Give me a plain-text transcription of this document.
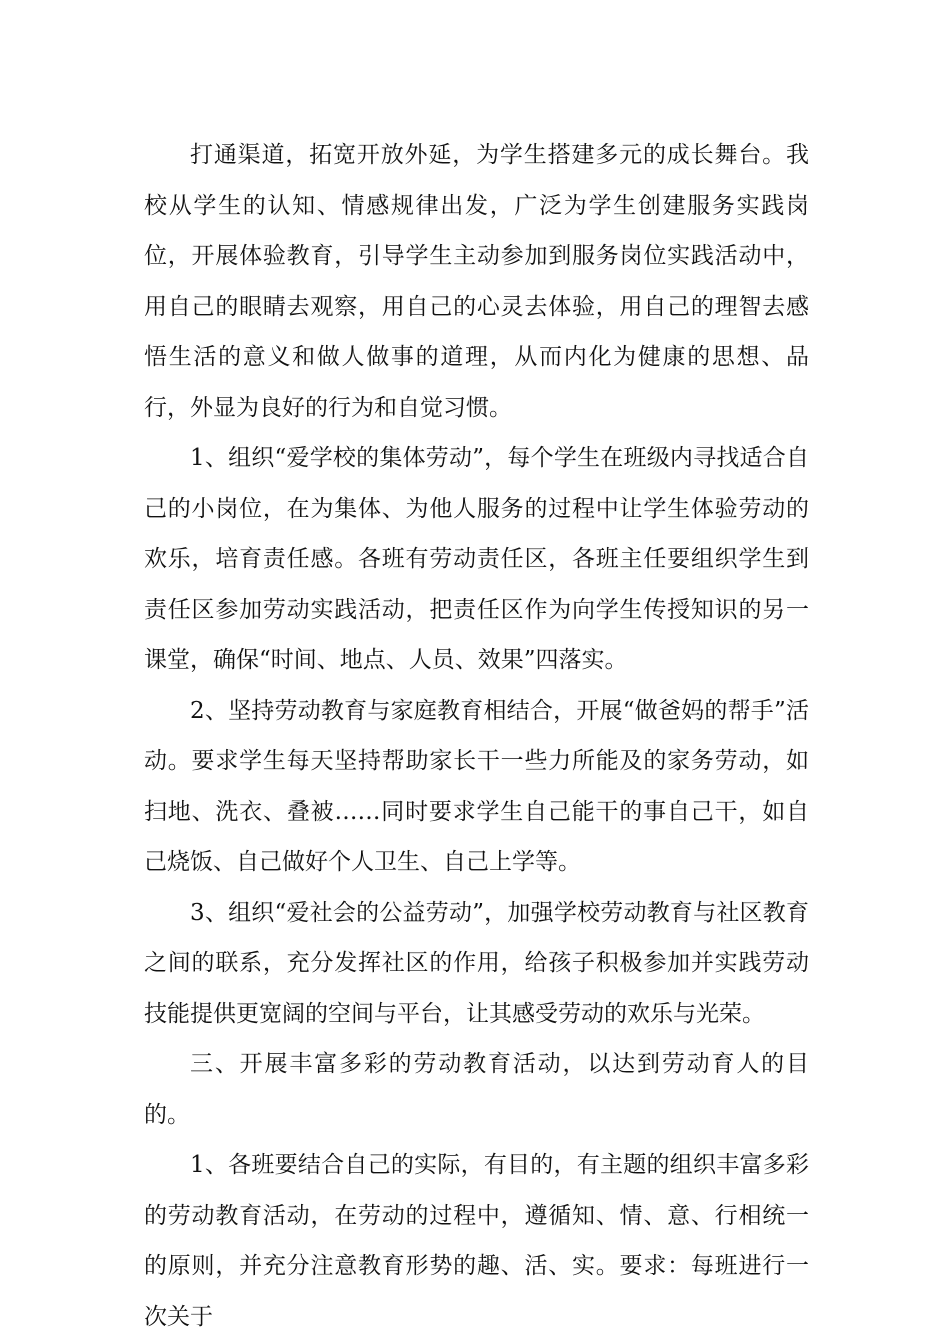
打通渠道，拓宽开放外延，为学生搭建多元的成长舞台。我校从学生的认知、情感规律出发，广泛为学生创建服务实践岗位，开展体验教育，引导学生主动参加到服务岗位实践活动中，用自己的眼睛去观察，用自己的心灵去体验，用自己的理智去感悟生活的意义和做人做事的道理，从而内化为健康的思想、品行，外显为良好的行为和自觉习惯。

1、组织“爱学校的集体劳动”，每个学生在班级内寻找适合自己的小岗位，在为集体、为他人服务的过程中让学生体验劳动的欢乐，培育责任感。各班有劳动责任区，各班主任要组织学生到责任区参加劳动实践活动，把责任区作为向学生传授知识的另一课堂，确保“时间、地点、人员、效果”四落实。

2、坚持劳动教育与家庭教育相结合，开展“做爸妈的帮手”活动。要求学生每天坚持帮助家长干一些力所能及的家务劳动，如扫地、洗衣、叠被……同时要求学生自己能干的事自己干，如自己烧饭、自己做好个人卫生、自己上学等。

3、组织“爱社会的公益劳动”，加强学校劳动教育与社区教育之间的联系，充分发挥社区的作用，给孩子积极参加并实践劳动技能提供更宽阔的空间与平台，让其感受劳动的欢乐与光荣。

三、开展丰富多彩的劳动教育活动，以达到劳动育人的目的。

1、各班要结合自己的实际，有目的，有主题的组织丰富多彩的劳动教育活动，在劳动的过程中，遵循知、情、意、行相统一的原则，并充分注意教育形势的趣、活、实。要求：每班进行一次关于
